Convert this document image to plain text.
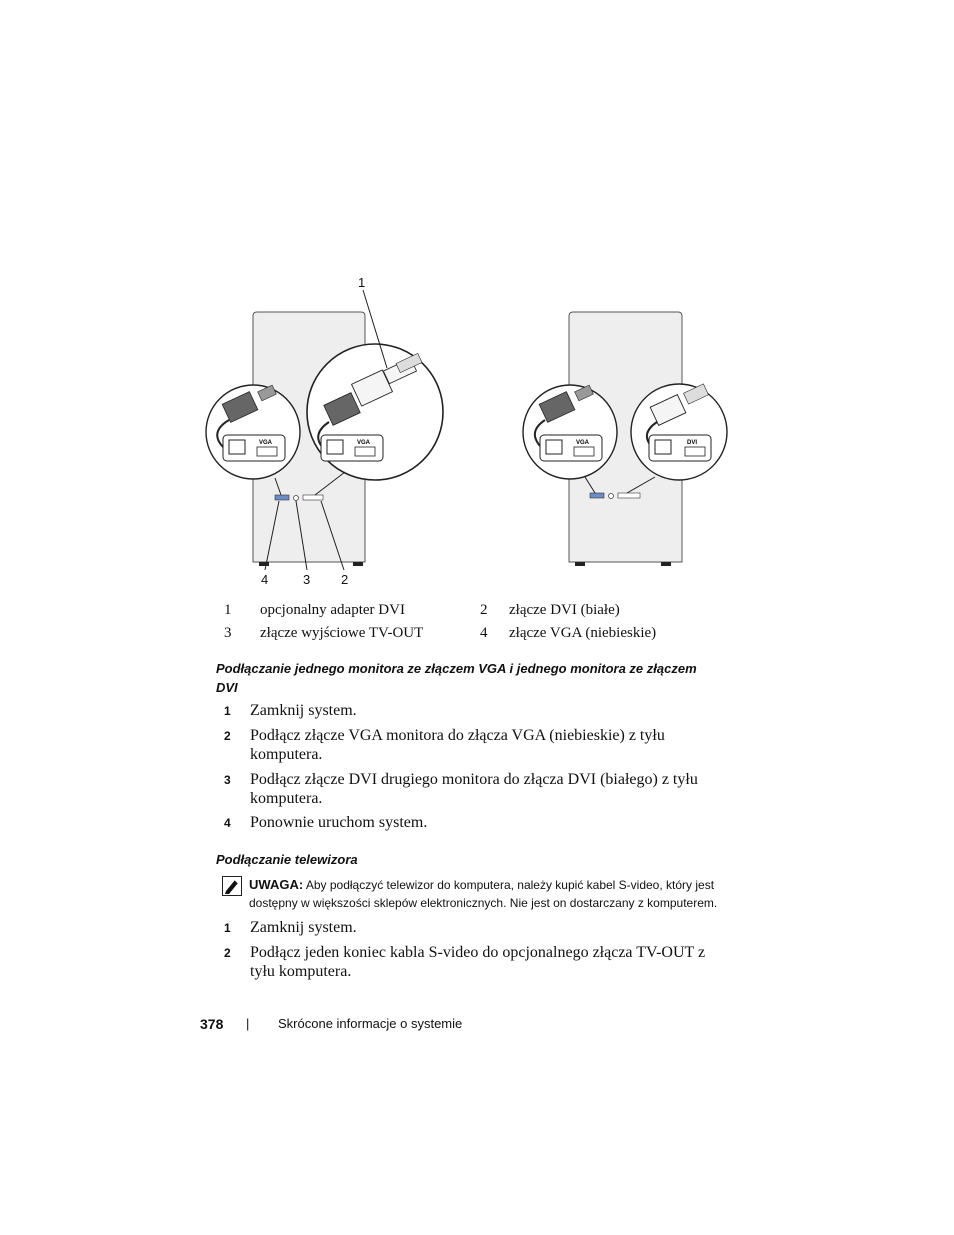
VGA	VGA	VGA	DVI
1
4	3 2
1	opcjonalny adapter DVI	2	złącze DVI (białe)
3	złącze wyjściowe TV-OUT	4	złącze VGA (niebieskie)
Podłączanie jednego monitora ze złączem VGA i jednego monitora ze złączem DVI
1 Zamknij system.
2 Podłącz złącze VGA monitora do złącza VGA (niebieskie) z tyłu komputera.
3 Podłącz złącze DVI drugiego monitora do złącza DVI (białego) z tyłu komputera.
4 Ponownie uruchom system.
Podłączanie telewizora
UWAGA: Aby podłączyć telewizor do komputera, należy kupić kabel S-video, który jest dostępny w większości sklepów elektronicznych. Nie jest on dostarczany z komputerem.
1 Zamknij system.
2 Podłącz jeden koniec kabla S-video do opcjonalnego złącza TV-OUT z tyłu komputera.
378 | Skrócone informacje o systemie
